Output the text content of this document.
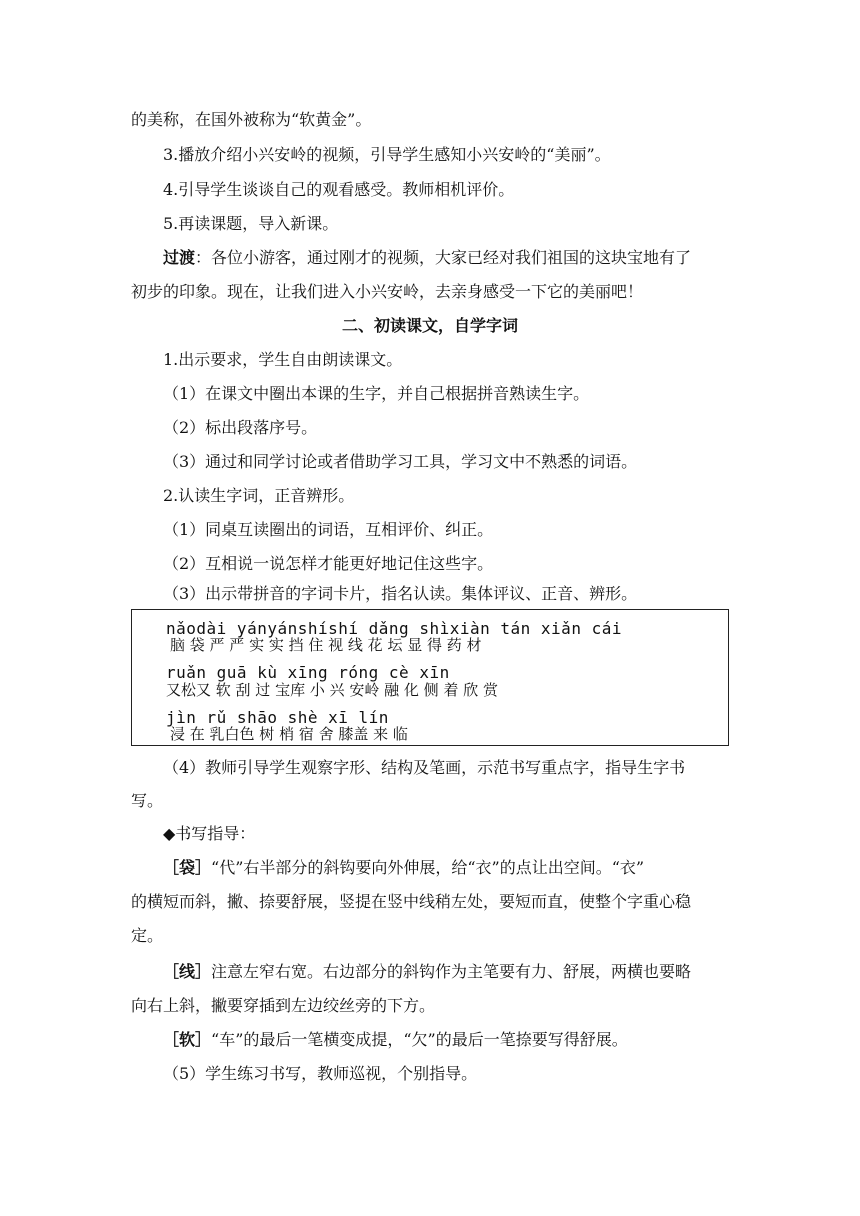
的美称，在国外被称为“软黄金”。
3.播放介绍小兴安岭的视频，引导学生感知小兴安岭的“美丽”。
4.引导学生谈谈自己的观看感受。教师相机评价。
5.再读课题，导入新课。
过渡：各位小游客，通过刚才的视频，大家已经对我们祖国的这块宝地有了
初步的印象。现在，让我们进入小兴安岭，去亲身感受一下它的美丽吧！
二、初读课文，自学字词
1.出示要求，学生自由朗读课文。
（1）在课文中圈出本课的生字，并自己根据拼音熟读生字。
（2）标出段落序号。
（3）通过和同学讨论或者借助学习工具，学习文中不熟悉的词语。
2.认读生字词，正音辨形。
（1）同桌互读圈出的词语，互相评价、纠正。
（2）互相说一说怎样才能更好地记住这些字。
（3）出示带拼音的字词卡片，指名认读。集体评议、正音、辨形。
nǎodài yányánshíshí dǎng shìxiàn tán xiǎn cái
脑 袋 严 严 实 实 挡 住 视 线 花 坛 显 得 药 材
ruǎn guā kù xīng róng cè xīn
又松又 软 刮 过 宝库 小 兴 安岭 融 化 侧 着 欣 赏
jìn rǔ shāo shè xī lín
浸 在 乳白色 树 梢 宿 舍 膝盖 来 临
（4）教师引导学生观察字形、结构及笔画，示范书写重点字，指导生字书
写。
◆书写指导：
［袋］“代”右半部分的斜钩要向外伸展，给“衣”的点让出空间。“衣”
的横短而斜，撇、捺要舒展，竖提在竖中线稍左处，要短而直，使整个字重心稳
定。
［线］注意左窄右宽。右边部分的斜钩作为主笔要有力、舒展，两横也要略
向右上斜，撇要穿插到左边绞丝旁的下方。
［软］“车”的最后一笔横变成提，“欠”的最后一笔捺要写得舒展。
（5）学生练习书写，教师巡视，个别指导。
